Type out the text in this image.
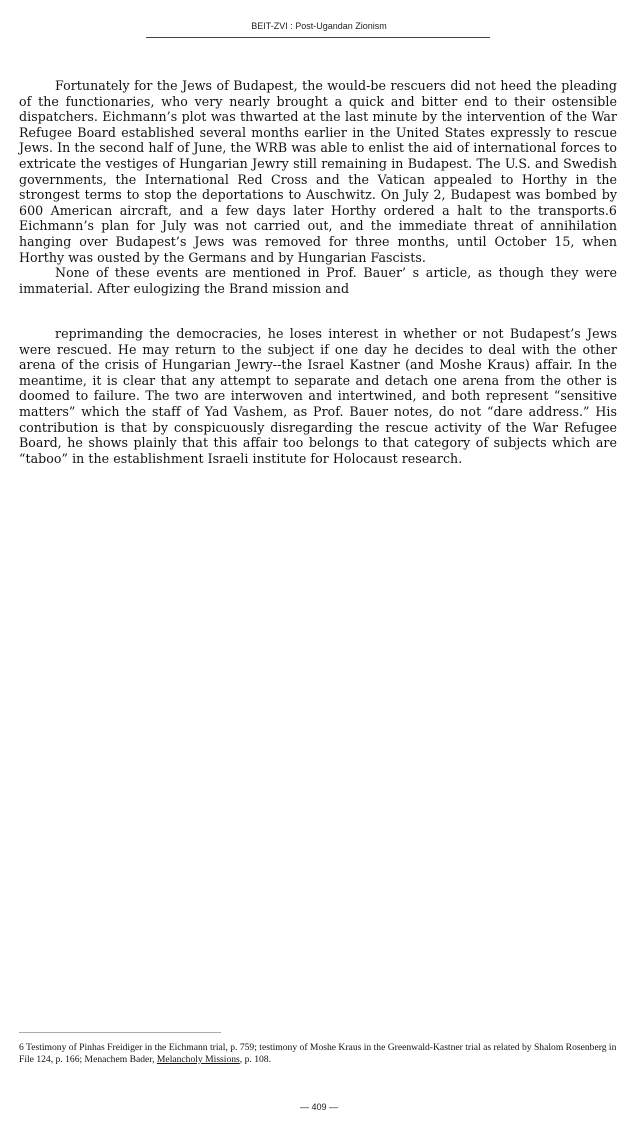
BEIT-ZVI : Post-Ugandan Zionism

Fortunately for the Jews of Budapest, the would-be rescuers did not heed the pleading of the functionaries, who very nearly brought a quick and bitter end to their ostensible dispatchers. Eichmann’s plot was thwarted at the last minute by the intervention of the War Refugee Board established several months earlier in the United States expressly to rescue Jews. In the second half of June, the WRB was able to enlist the aid of international forces to extricate the vestiges of Hungarian Jewry still remaining in Budapest. The U.S. and Swedish governments, the International Red Cross and the Vatican appealed to Horthy in the strongest terms to stop the deportations to Auschwitz. On July 2, Budapest was bombed by 600 American aircraft, and a few days later Horthy ordered a halt to the transports.6 Eichmann’s plan for July was not carried out, and the immediate threat of annihilation hanging over Budapest’s Jews was removed for three months, until October 15, when Horthy was ousted by the Germans and by Hungarian Fascists.

None of these events are mentioned in Prof. Bauer’ s article, as though they were immaterial. After eulogizing the Brand mission and

reprimanding the democracies, he loses interest in whether or not Budapest’s Jews were rescued. He may return to the subject if one day he decides to deal with the other arena of the crisis of Hungarian Jewry--the Israel Kastner (and Moshe Kraus) affair. In the meantime, it is clear that any attempt to separate and detach one arena from the other is doomed to failure. The two are interwoven and intertwined, and both represent “sensitive matters” which the staff of Yad Vashem, as Prof. Bauer notes, do not “dare address.” His contribution is that by conspicuously disregarding the rescue activity of the War Refugee Board, he shows plainly that this affair too belongs to that category of subjects which are “taboo” in the establishment Israeli institute for Holocaust research.

6 Testimony of Pinhas Freidiger in the Eichmann trial, p. 759; testimony of Moshe Kraus in the Greenwald-Kastner trial as related by Shalom Rosenberg in File 124, p. 166; Menachem Bader, Melancholy Missions, p. 108.
— 409 —
